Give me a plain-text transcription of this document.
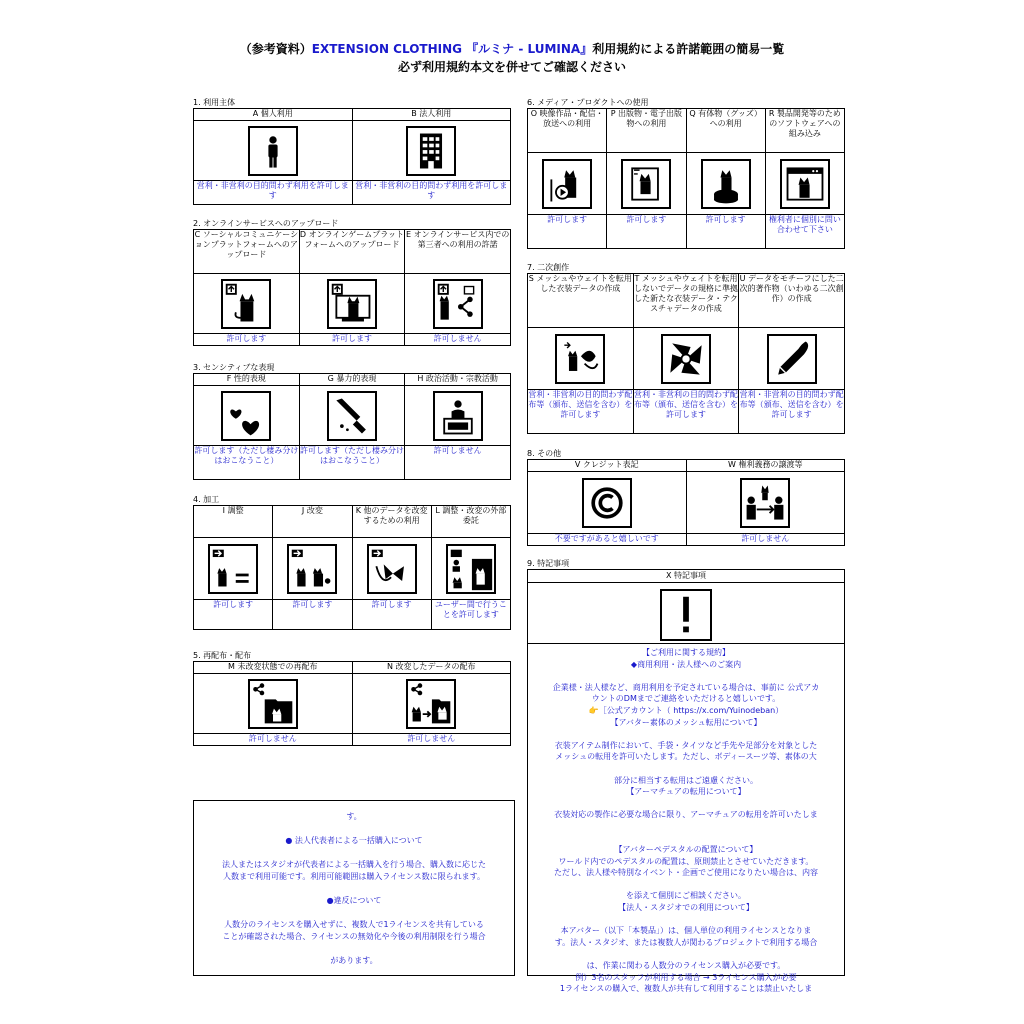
（参考資料）EXTENSION CLOTHING 『ルミナ - LUMINA』利用規約による許諾範囲の簡易一覧
必ず利用規約本文を併せてご確認ください
1. 利用主体
A 個人利用	B 法人利用

営利・非営利の目的問わず利用を許可します	営利・非営利の目的問わず利用を許可します
2. オンラインサービスへのアップロード
C ソーシャルコミュニケーションプラットフォームへのアップロード	D オンラインゲームプラットフォームへのアップロード	E オンラインサービス内での第三者への利用の許諾

許可します	許可します	許可しません
3. センシティブな表現
F 性的表現	G 暴力的表現	H 政治活動・宗教活動

許可します（ただし棲み分けはおこなうこと）	許可します（ただし棲み分けはおこなうこと）	許可しません
4. 加工
I 調整	J 改変	K 他のデータを改変するための利用	L 調整・改変の外部委託

許可します	許可します	許可します	ユーザー間で行うことを許可します
5. 再配布・配布
M 未改変状態での再配布	N 改変したデータの配布

許可しません	許可しません
す。

● 法人代表者による一括購入について

法人またはスタジオが代表者による一括購入を行う場合、購入数に応じた
人数まで利用可能です。利用可能範囲は購入ライセンス数に限られます。

●違反について

人数分のライセンスを購入せずに、複数人で1ライセンスを共有している
ことが確認された場合、ライセンスの無効化や今後の利用制限を行う場合

があります。
6. メディア・プロダクトへの使用
O 映像作品・配信・放送への利用	P 出版物・電子出版物への利用	Q 有体物（グッズ）への利用	R 製品開発等のためのソフトウェアへの組み込み

許可します	許可します	許可します	権利者に個別に問い合わせて下さい
7. 二次創作
S メッシュやウェイトを転用した衣装データの作成	T メッシュやウェイトを転用しないでデータの規格に準拠した新たな衣装データ・テクスチャデータの作成	U データをモチーフにした二次的著作物（いわゆる二次創作）の作成

営利・非営利の目的問わず配布等（頒布、送信を含む）を許可します	営利・非営利の目的問わず配布等（頒布、送信を含む）を許可します	営利・非営利の目的問わず配布等（頒布、送信を含む）を許可します
8. その他
V クレジット表記	W 権利義務の譲渡等

不要ですがあると嬉しいです	許可しません
9. 特記事項
X 特記事項
【ご利用に関する規約】
◆商用利用・法人様へのご案内

企業様・法人様など、商用利用を予定されている場合は、事前に 公式アカ
ウントのDMまでご連絡をいただけると嬉しいです。
👉［公式アカウント（ https://x.com/Yuinodeban）
【アバター素体のメッシュ転用について】

衣装アイテム制作において、手袋・タイツなど手先や足部分を対象とした
メッシュの転用を許可いたします。ただし、ボディースーツ等、素体の大

部分に相当する転用はご遠慮ください。
【アーマチュアの転用について】

衣装対応の製作に必要な場合に限り、アーマチュアの転用を許可いたしま

【アバターペデスタルの配置について】
ワールド内でのペデスタルの配置は、原則禁止とさせていただきます。
ただし、法人様や特別なイベント・企画でご使用になりたい場合は、内容

を添えて個別にご相談ください。
【法人・スタジオでの利用について】

本アバター（以下「本製品」）は、個人単位の利用ライセンスとなりま
す。法人・スタジオ、または複数人が関わるプロジェクトで利用する場合

は、作業に関わる人数分のライセンス購入が必要です。
例）3名のスタッフが利用する場合 → 3ライセンス購入が必要
1ライセンスの購入で、複数人が共有して利用することは禁止いたしま
